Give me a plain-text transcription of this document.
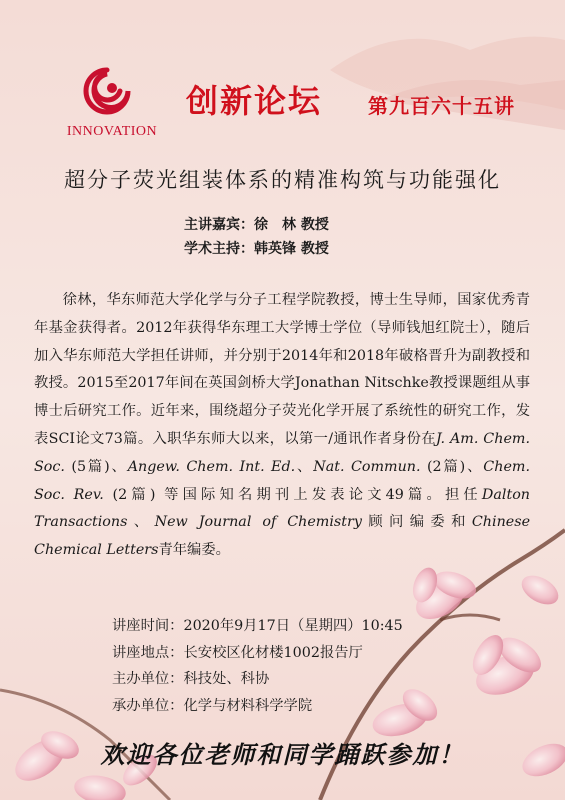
INNOVATION
创新论坛 第九百六十五讲
超分子荧光组装体系的精准构筑与功能强化
主讲嘉宾：徐　林 教授
学术主持：韩英锋 教授

徐林，华东师范大学化学与分子工程学院教授，博士生导师，国家优秀青年基金获得者。2012年获得华东理工大学博士学位（导师钱旭红院士），随后加入华东师范大学担任讲师，并分别于2014年和2018年破格晋升为副教授和教授。2015至2017年间在英国剑桥大学Jonathan Nitschke教授课题组从事博士后研究工作。近年来，围绕超分子荧光化学开展了系统性的研究工作，发表SCI论文73篇。入职华东师大以来，以第一/通讯作者身份在J. Am. Chem. Soc. (5篇)、Angew. Chem. Int. Ed.、Nat. Commun. (2篇)、Chem. Soc. Rev. (2篇) 等国际知名期刊上发表论文49篇。担任Dalton Transactions、New Journal of Chemistry顾问编委和Chinese Chemical Letters青年编委。

讲座时间：2020年9月17日（星期四）10:45
讲座地点：长安校区化材楼1002报告厅
主办单位：科技处、科协
承办单位：化学与材料科学学院
欢迎各位老师和同学踊跃参加！
